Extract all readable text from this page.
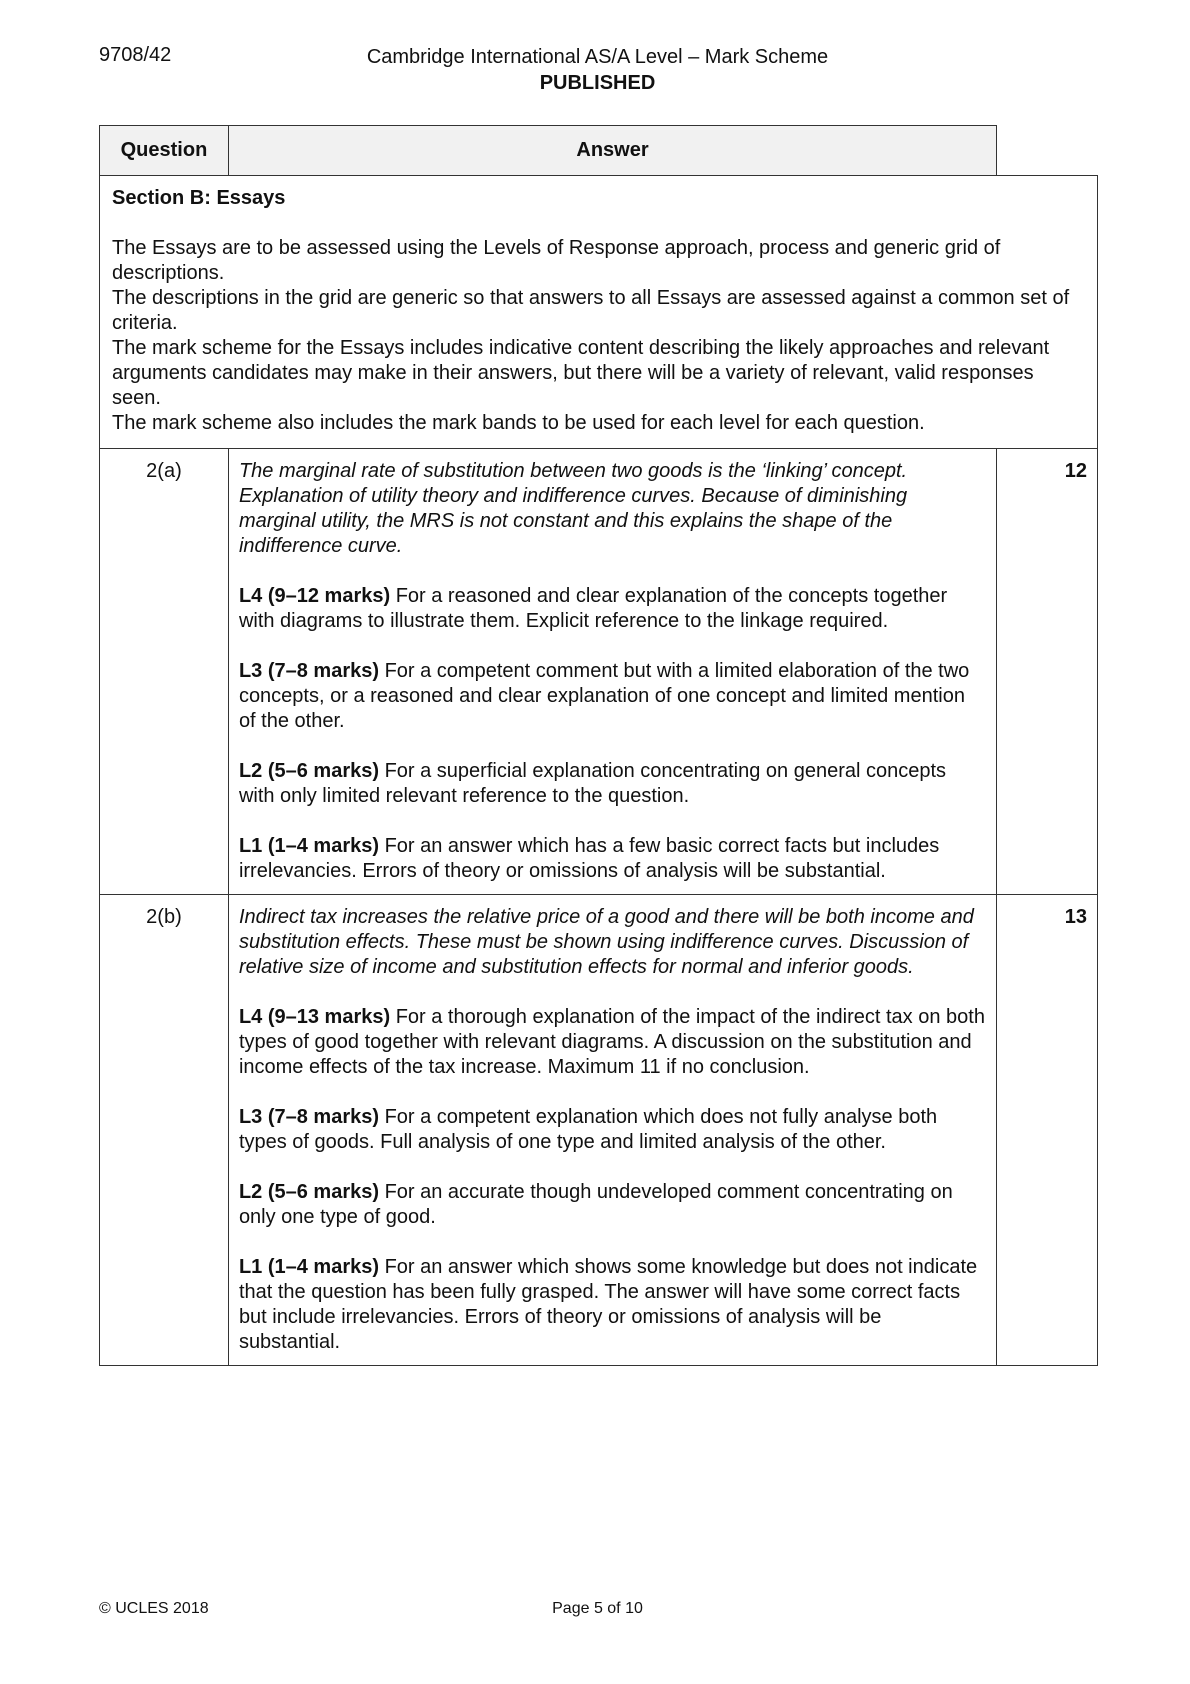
9708/42	Cambridge International AS/A Level – Mark Scheme
PUBLISHED
Question	Answer	

Section B: Essays

The Essays are to be assessed using the Levels of Response approach, process and generic grid of descriptions.

The descriptions in the grid are generic so that answers to all Essays are assessed against a common set of criteria.

The mark scheme for the Essays includes indicative content describing the likely approaches and relevant arguments candidates may make in their answers, but there will be a variety of relevant, valid responses seen.

The mark scheme also includes the mark bands to be used for each level for each question.		

2(a)	The marginal rate of substitution between two goods is the ‘linking’ concept. Explanation of utility theory and indifference curves. Because of diminishing marginal utility, the MRS is not constant and this explains the shape of the indifference curve.

L4 (9–12 marks) For a reasoned and clear explanation of the concepts together with diagrams to illustrate them. Explicit reference to the linkage required.

L3 (7–8 marks) For a competent comment but with a limited elaboration of the two concepts, or a reasoned and clear explanation of one concept and limited mention of the other.

L2 (5–6 marks) For a superficial explanation concentrating on general concepts with only limited relevant reference to the question.

L1 (1–4 marks) For an answer which has a few basic correct facts but includes irrelevancies. Errors of theory or omissions of analysis will be substantial.	12
2(b)	Indirect tax increases the relative price of a good and there will be both income and substitution effects. These must be shown using indifference curves. Discussion of relative size of income and substitution effects for normal and inferior goods.

L4 (9–13 marks) For a thorough explanation of the impact of the indirect tax on both types of good together with relevant diagrams. A discussion on the substitution and income effects of the tax increase. Maximum 11 if no conclusion.

L3 (7–8 marks) For a competent explanation which does not fully analyse both types of goods. Full analysis of one type and limited analysis of the other.

L2 (5–6 marks) For an accurate though undeveloped comment concentrating on only one type of good.

L1 (1–4 marks) For an answer which shows some knowledge but does not indicate that the question has been fully grasped. The answer will have some correct facts but include irrelevancies. Errors of theory or omissions of analysis will be substantial.	13
© UCLES 2018	Page 5 of 10
